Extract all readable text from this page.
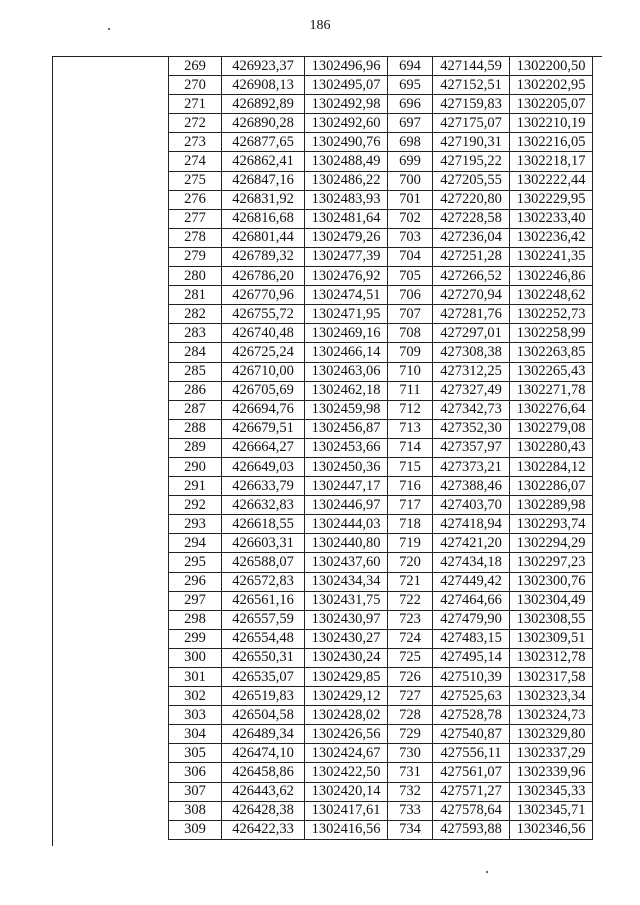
186
269	426923,37	1302496,96	694	427144,59	1302200,50
270	426908,13	1302495,07	695	427152,51	1302202,95
271	426892,89	1302492,98	696	427159,83	1302205,07
272	426890,28	1302492,60	697	427175,07	1302210,19
273	426877,65	1302490,76	698	427190,31	1302216,05
274	426862,41	1302488,49	699	427195,22	1302218,17
275	426847,16	1302486,22	700	427205,55	1302222,44
276	426831,92	1302483,93	701	427220,80	1302229,95
277	426816,68	1302481,64	702	427228,58	1302233,40
278	426801,44	1302479,26	703	427236,04	1302236,42
279	426789,32	1302477,39	704	427251,28	1302241,35
280	426786,20	1302476,92	705	427266,52	1302246,86
281	426770,96	1302474,51	706	427270,94	1302248,62
282	426755,72	1302471,95	707	427281,76	1302252,73
283	426740,48	1302469,16	708	427297,01	1302258,99
284	426725,24	1302466,14	709	427308,38	1302263,85
285	426710,00	1302463,06	710	427312,25	1302265,43
286	426705,69	1302462,18	711	427327,49	1302271,78
287	426694,76	1302459,98	712	427342,73	1302276,64
288	426679,51	1302456,87	713	427352,30	1302279,08
289	426664,27	1302453,66	714	427357,97	1302280,43
290	426649,03	1302450,36	715	427373,21	1302284,12
291	426633,79	1302447,17	716	427388,46	1302286,07
292	426632,83	1302446,97	717	427403,70	1302289,98
293	426618,55	1302444,03	718	427418,94	1302293,74
294	426603,31	1302440,80	719	427421,20	1302294,29
295	426588,07	1302437,60	720	427434,18	1302297,23
296	426572,83	1302434,34	721	427449,42	1302300,76
297	426561,16	1302431,75	722	427464,66	1302304,49
298	426557,59	1302430,97	723	427479,90	1302308,55
299	426554,48	1302430,27	724	427483,15	1302309,51
300	426550,31	1302430,24	725	427495,14	1302312,78
301	426535,07	1302429,85	726	427510,39	1302317,58
302	426519,83	1302429,12	727	427525,63	1302323,34
303	426504,58	1302428,02	728	427528,78	1302324,73
304	426489,34	1302426,56	729	427540,87	1302329,80
305	426474,10	1302424,67	730	427556,11	1302337,29
306	426458,86	1302422,50	731	427561,07	1302339,96
307	426443,62	1302420,14	732	427571,27	1302345,33
308	426428,38	1302417,61	733	427578,64	1302345,71
309	426422,33	1302416,56	734	427593,88	1302346,56
